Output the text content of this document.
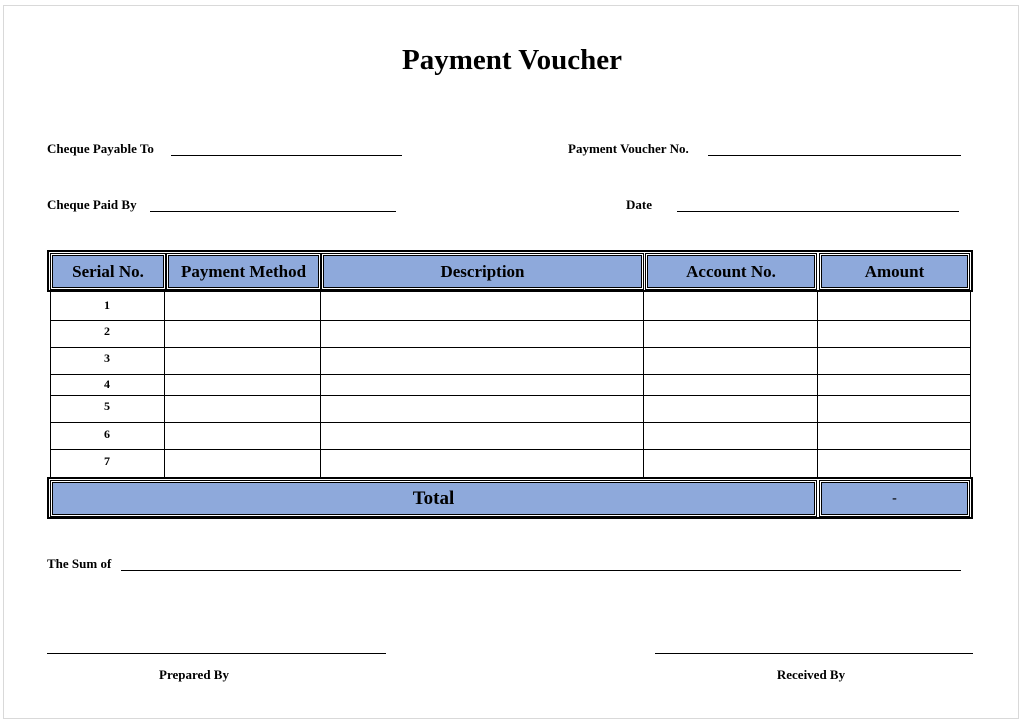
Payment Voucher
Cheque Payable To	Payment Voucher No.
Cheque Paid By	Date
Serial No.	Payment Method	Description	Account No.	Amount
1
2
3
4
5
6
7
Total	-
The Sum of
Prepared By	Received By
